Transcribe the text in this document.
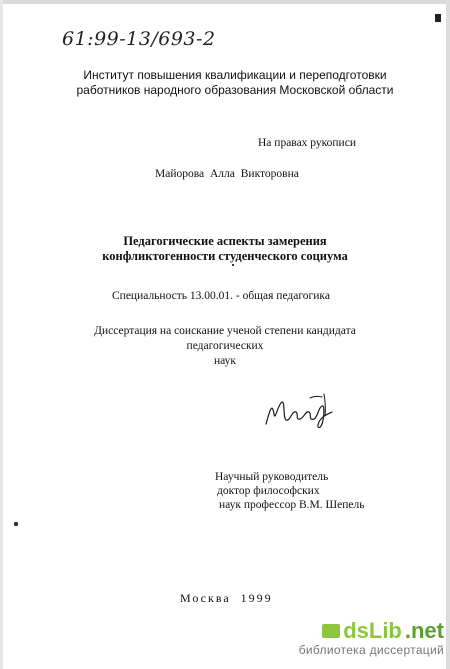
61:99-13/693-2
Институт повышения квалификации и переподготовки
работников народного образования Московской области
На правах рукописи
Майорова Алла Викторовна
Педагогические аспекты замерения
конфликтогенности студенческого социума
Специальность 13.00.01. - общая педагогика
Диссертация на соискание ученой степени кандидата педагогических
наук
Научный руководитель
доктор философских
наук профессор В.М. Шепель
Москва 1999
dsLib .net
библиотека диссертаций
